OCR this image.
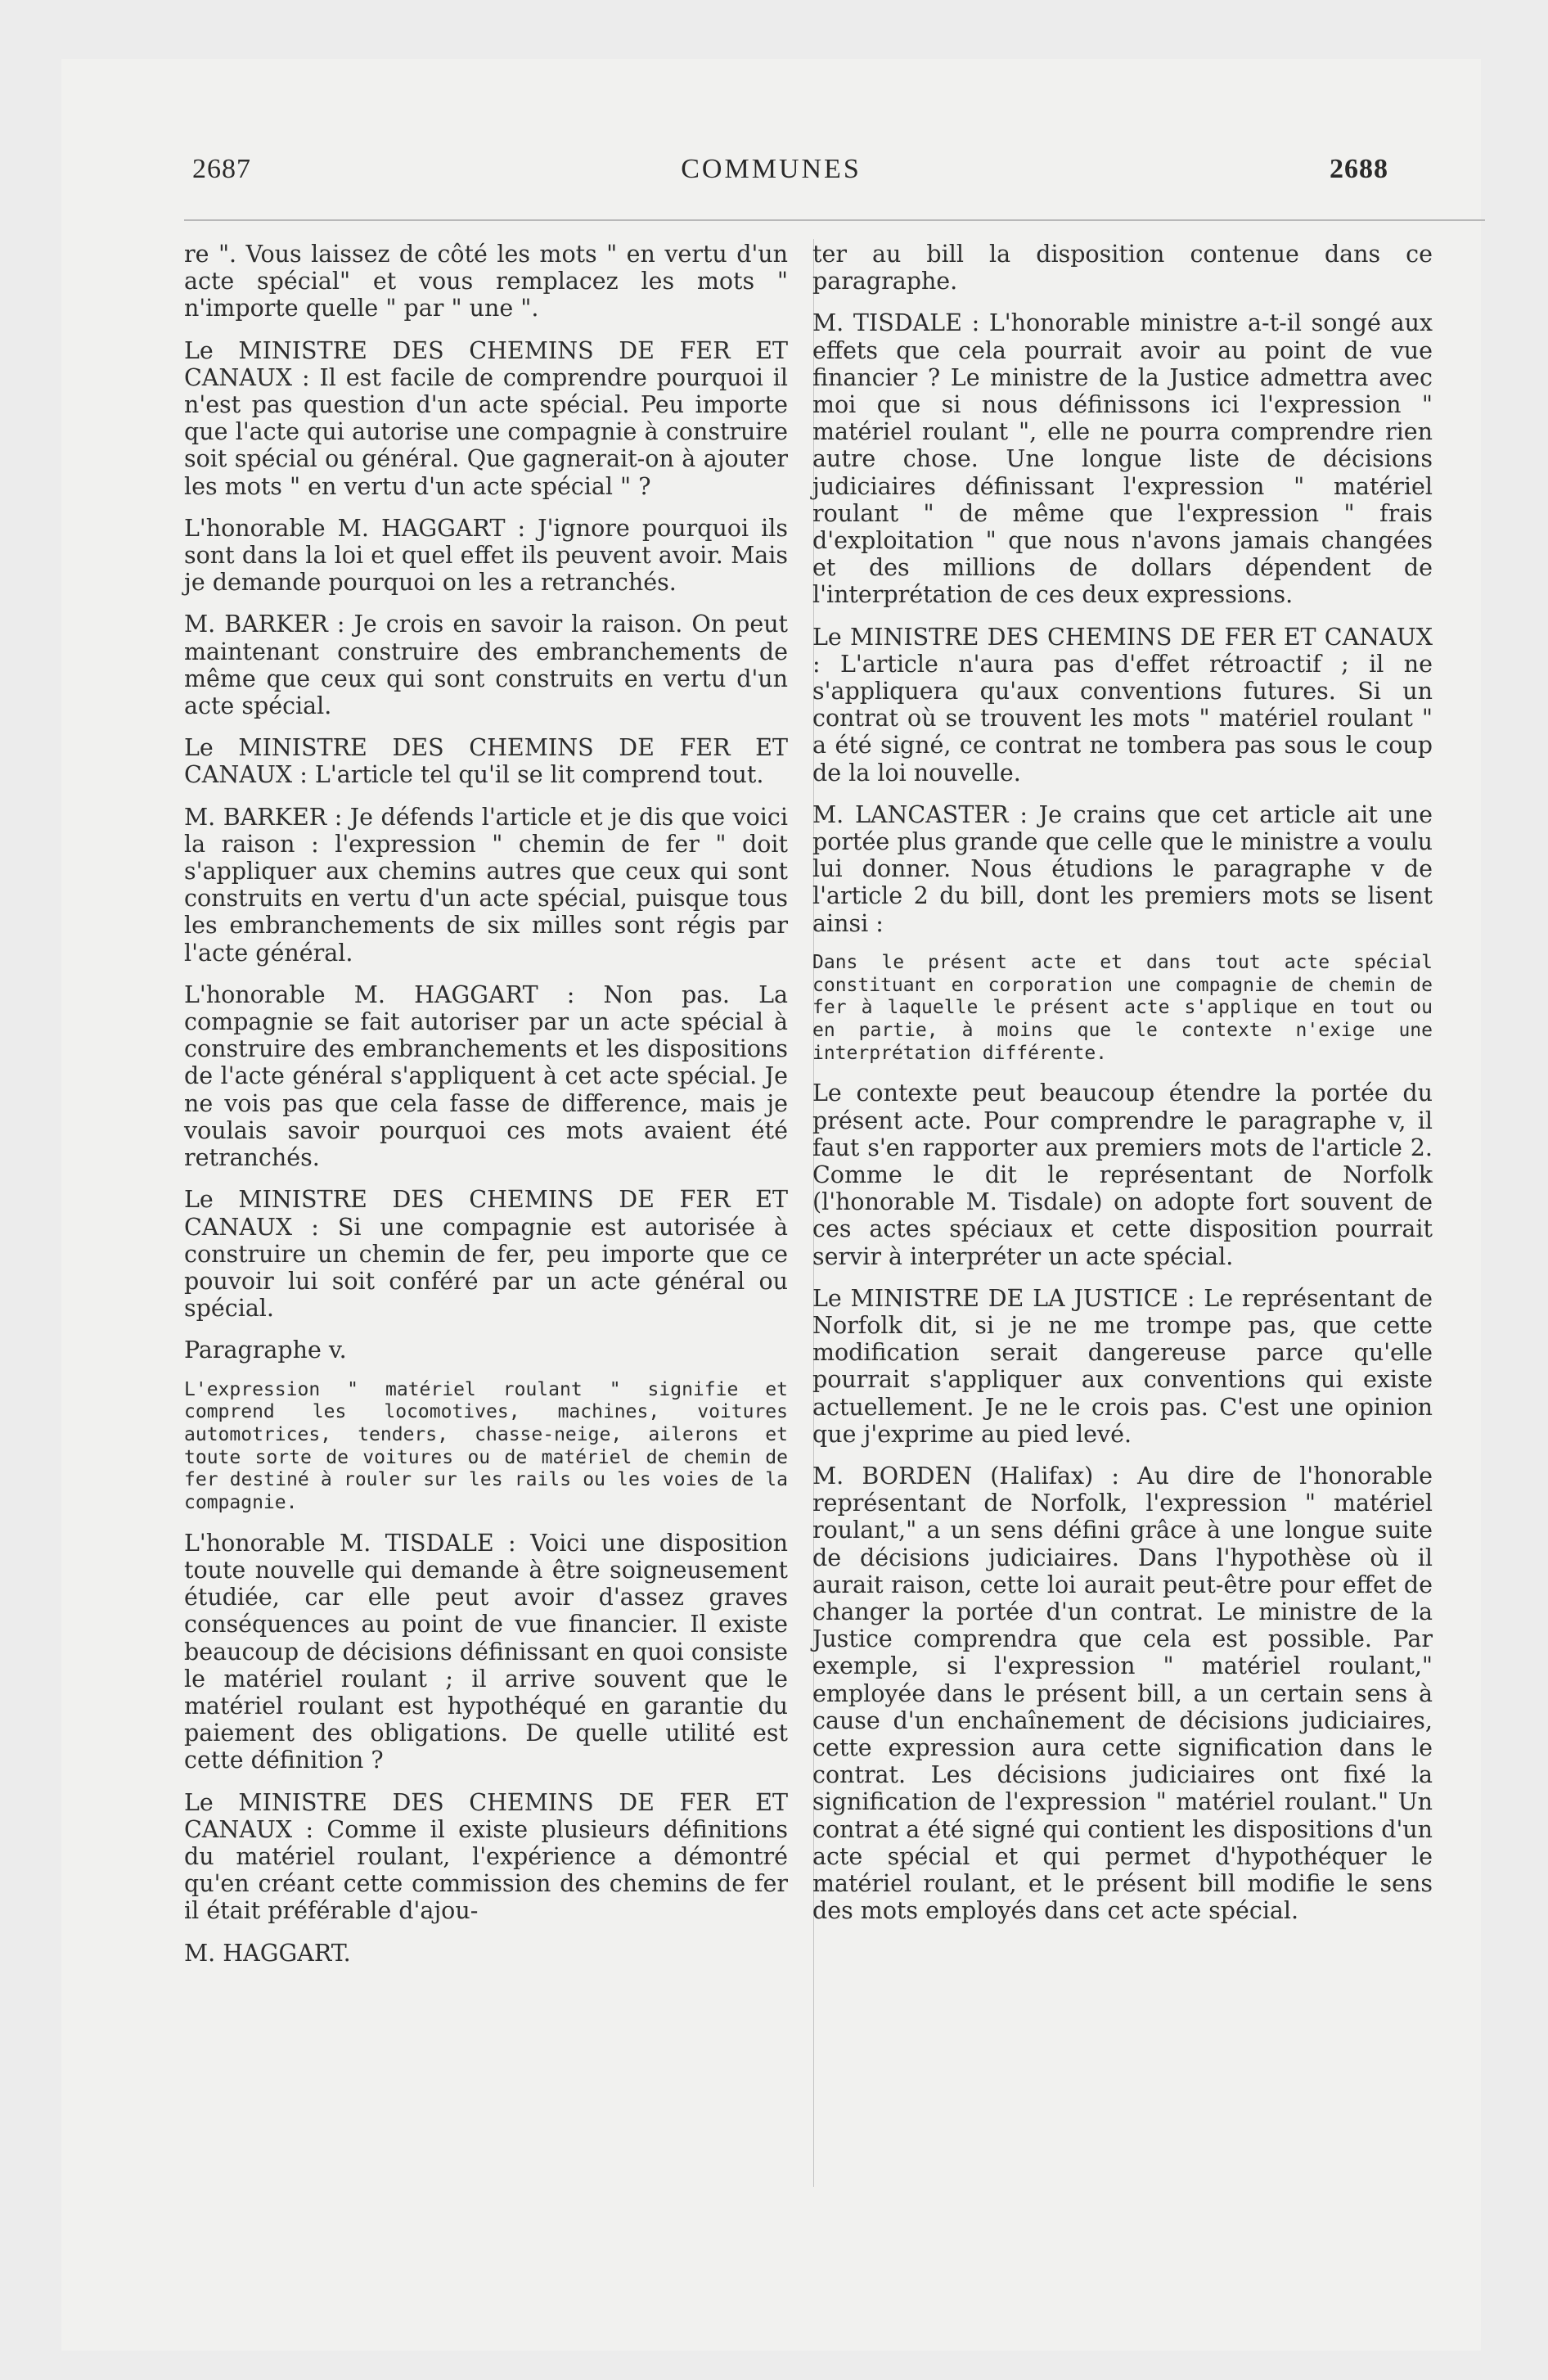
2687	COMMUNES	2688

re ". Vous laissez de côté les mots " en vertu d'un acte spécial" et vous remplacez les mots " n'importe quelle " par " une ".

Le MINISTRE DES CHEMINS DE FER ET CANAUX : Il est facile de comprendre pourquoi il n'est pas question d'un acte spécial. Peu importe que l'acte qui autorise une compagnie à construire soit spécial ou général. Que gagnerait-on à ajouter les mots " en vertu d'un acte spécial " ?

L'honorable M. HAGGART : J'ignore pourquoi ils sont dans la loi et quel effet ils peuvent avoir. Mais je demande pourquoi on les a retranchés.

M. BARKER : Je crois en savoir la raison. On peut maintenant construire des embranchements de même que ceux qui sont construits en vertu d'un acte spécial.

Le MINISTRE DES CHEMINS DE FER ET CANAUX : L'article tel qu'il se lit comprend tout.

M. BARKER : Je défends l'article et je dis que voici la raison : l'expression " chemin de fer " doit s'appliquer aux chemins autres que ceux qui sont construits en vertu d'un acte spécial, puisque tous les embranchements de six milles sont régis par l'acte général.

L'honorable M. HAGGART : Non pas. La compagnie se fait autoriser par un acte spécial à construire des embranchements et les dispositions de l'acte général s'appliquent à cet acte spécial. Je ne vois pas que cela fasse de difference, mais je voulais savoir pourquoi ces mots avaient été retranchés.

Le MINISTRE DES CHEMINS DE FER ET CANAUX : Si une compagnie est autorisée à construire un chemin de fer, peu importe que ce pouvoir lui soit conféré par un acte général ou spécial.

Paragraphe v.

L'expression " matériel roulant " signifie et comprend les locomotives, machines, voitures automotrices, tenders, chasse-neige, ailerons et toute sorte de voitures ou de matériel de chemin de fer destiné à rouler sur les rails ou les voies de la compagnie.

L'honorable M. TISDALE : Voici une disposition toute nouvelle qui demande à être soigneusement étudiée, car elle peut avoir d'assez graves conséquences au point de vue financier. Il existe beaucoup de décisions définissant en quoi consiste le matériel roulant ; il arrive souvent que le matériel roulant est hypothéqué en garantie du paiement des obligations. De quelle utilité est cette définition ?

Le MINISTRE DES CHEMINS DE FER ET CANAUX : Comme il existe plusieurs définitions du matériel roulant, l'expérience a démontré qu'en créant cette commission des chemins de fer il était préférable d'ajou-

M. HAGGART.

ter au bill la disposition contenue dans ce paragraphe.

M. TISDALE : L'honorable ministre a-t-il songé aux effets que cela pourrait avoir au point de vue financier ? Le ministre de la Justice admettra avec moi que si nous définissons ici l'expression " matériel roulant ", elle ne pourra comprendre rien autre chose. Une longue liste de décisions judiciaires définissant l'expression " matériel roulant " de même que l'expression " frais d'exploitation " que nous n'avons jamais changées et des millions de dollars dépendent de l'interprétation de ces deux expressions.

Le MINISTRE DES CHEMINS DE FER ET CANAUX : L'article n'aura pas d'effet rétroactif ; il ne s'appliquera qu'aux conventions futures. Si un contrat où se trouvent les mots " matériel roulant " a été signé, ce contrat ne tombera pas sous le coup de la loi nouvelle.

M. LANCASTER : Je crains que cet article ait une portée plus grande que celle que le ministre a voulu lui donner. Nous étudions le paragraphe v de l'article 2 du bill, dont les premiers mots se lisent ainsi :

Dans le présent acte et dans tout acte spécial constituant en corporation une compagnie de chemin de fer à laquelle le présent acte s'applique en tout ou en partie, à moins que le contexte n'exige une interprétation différente.

Le contexte peut beaucoup étendre la portée du présent acte. Pour comprendre le paragraphe v, il faut s'en rapporter aux premiers mots de l'article 2. Comme le dit le représentant de Norfolk (l'honorable M. Tisdale) on adopte fort souvent de ces actes spéciaux et cette disposition pourrait servir à interpréter un acte spécial.

Le MINISTRE DE LA JUSTICE : Le représentant de Norfolk dit, si je ne me trompe pas, que cette modification serait dangereuse parce qu'elle pourrait s'appliquer aux conventions qui existe actuellement. Je ne le crois pas. C'est une opinion que j'exprime au pied levé.

M. BORDEN (Halifax) : Au dire de l'honorable représentant de Norfolk, l'expression " matériel roulant," a un sens défini grâce à une longue suite de décisions judiciaires. Dans l'hypothèse où il aurait raison, cette loi aurait peut-être pour effet de changer la portée d'un contrat. Le ministre de la Justice comprendra que cela est possible. Par exemple, si l'expression " matériel roulant," employée dans le présent bill, a un certain sens à cause d'un enchaînement de décisions judiciaires, cette expression aura cette signification dans le contrat. Les décisions judiciaires ont fixé la signification de l'expression " matériel roulant." Un contrat a été signé qui contient les dispositions d'un acte spécial et qui permet d'hypothéquer le matériel roulant, et le présent bill modifie le sens des mots employés dans cet acte spécial.
